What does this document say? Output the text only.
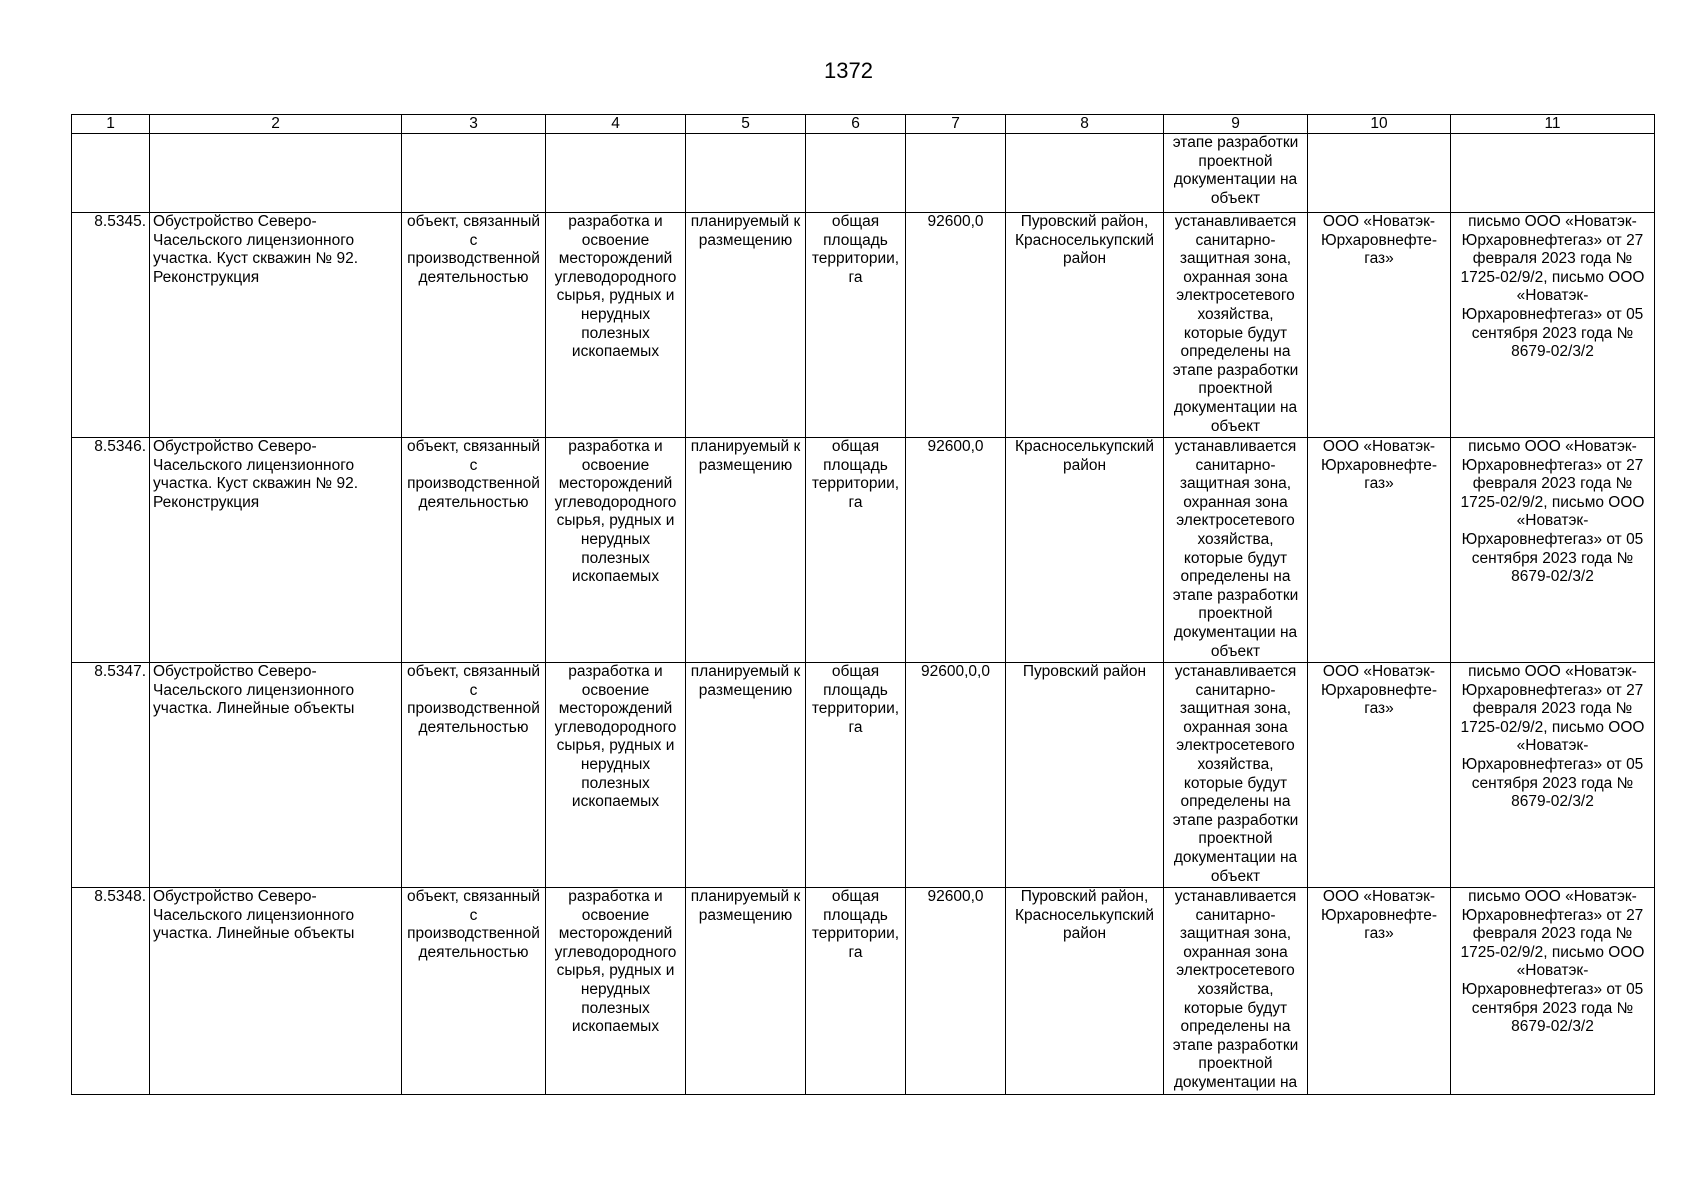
1372
1	2	3	4	5	6	7	8	9	10	11
								этапе разработки проектной документации на объект		
8.5345.	Обустройство Северо-Часельского лицензионного участка. Куст скважин № 92. Реконструкция	объект, связанный с производственной деятельностью	разработка и освоение месторождений углеводородного сырья, рудных и нерудных полезных ископаемых	планируемый к размещению	общая площадь территории, га	92600,0	Пуровский район, Красноселькупский район	устанавливается санитарно-защитная зона, охранная зона электросетевого хозяйства, которые будут определены на этапе разработки проектной документации на объект	ООО «Новатэк-Юрхаровнефте-газ»	письмо ООО «Новатэк-Юрхаровнефтегаз» от 27 февраля 2023 года № 1725-02/9/2, письмо ООО «Новатэк-Юрхаровнефтегаз» от 05 сентября 2023 года № 8679-02/3/2
8.5346.	Обустройство Северо-Часельского лицензионного участка. Куст скважин № 92. Реконструкция	объект, связанный с производственной деятельностью	разработка и освоение месторождений углеводородного сырья, рудных и нерудных полезных ископаемых	планируемый к размещению	общая площадь территории, га	92600,0	Красноселькупский район	устанавливается санитарно-защитная зона, охранная зона электросетевого хозяйства, которые будут определены на этапе разработки проектной документации на объект	ООО «Новатэк-Юрхаровнефте-газ»	письмо ООО «Новатэк-Юрхаровнефтегаз» от 27 февраля 2023 года № 1725-02/9/2, письмо ООО «Новатэк-Юрхаровнефтегаз» от 05 сентября 2023 года № 8679-02/3/2
8.5347.	Обустройство Северо-Часельского лицензионного участка. Линейные объекты	объект, связанный с производственной деятельностью	разработка и освоение месторождений углеводородного сырья, рудных и нерудных полезных ископаемых	планируемый к размещению	общая площадь территории, га	92600,0,0	Пуровский район	устанавливается санитарно-защитная зона, охранная зона электросетевого хозяйства, которые будут определены на этапе разработки проектной документации на объект	ООО «Новатэк-Юрхаровнефте-газ»	письмо ООО «Новатэк-Юрхаровнефтегаз» от 27 февраля 2023 года № 1725-02/9/2, письмо ООО «Новатэк-Юрхаровнефтегаз» от 05 сентября 2023 года № 8679-02/3/2
8.5348.	Обустройство Северо-Часельского лицензионного участка. Линейные объекты	объект, связанный с производственной деятельностью	разработка и освоение месторождений углеводородного сырья, рудных и нерудных полезных ископаемых	планируемый к размещению	общая площадь территории, га	92600,0	Пуровский район, Красноселькупский район	устанавливается санитарно-защитная зона, охранная зона электросетевого хозяйства, которые будут определены на этапе разработки проектной документации на	ООО «Новатэк-Юрхаровнефте-газ»	письмо ООО «Новатэк-Юрхаровнефтегаз» от 27 февраля 2023 года № 1725-02/9/2, письмо ООО «Новатэк-Юрхаровнефтегаз» от 05 сентября 2023 года № 8679-02/3/2
